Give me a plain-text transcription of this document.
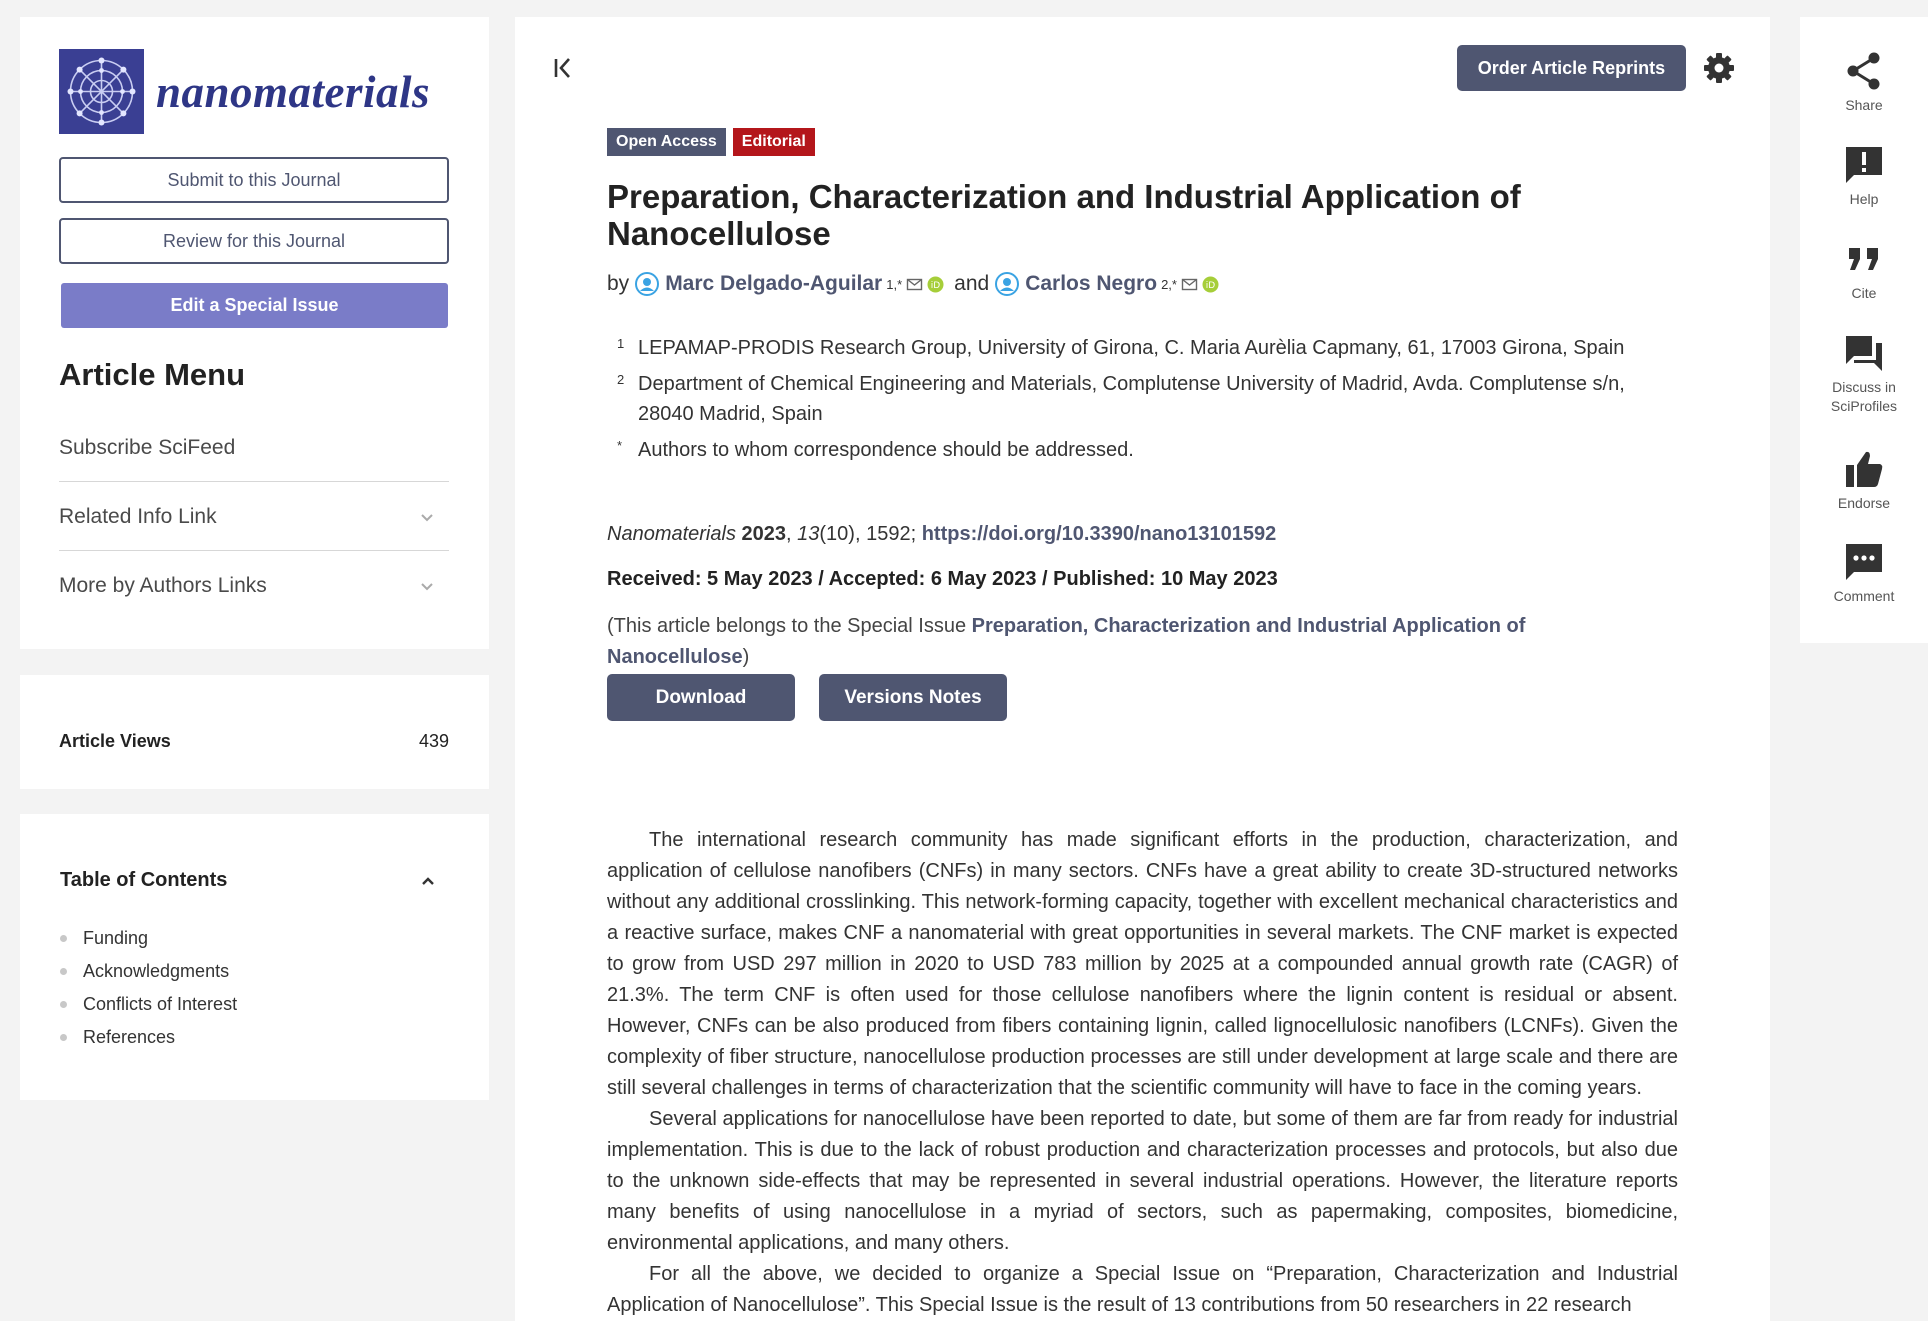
nanomaterials
Submit to this Journal
Review for this Journal
Edit a Special Issue
Article Menu
Subscribe SciFeed
Related Info Link
More by Authors Links
Article Views	439
Table of Contents
Funding
Acknowledgments
Conflicts of Interest
References
Order Article Reprints
Open Access	Editorial
Preparation, Characterization and Industrial Application of Nanocellulose
by Marc Delgado-Aguilar 1,*	iD and Carlos Negro 2,*	iD
1 LEPAMAP-PRODIS Research Group, University of Girona, C. Maria Aurèlia Capmany, 61, 17003 Girona, Spain
2 Department of Chemical Engineering and Materials, Complutense University of Madrid, Avda. Complutense s/n, 28040 Madrid, Spain
* Authors to whom correspondence should be addressed.
Nanomaterials 2023, 13(10), 1592; https://doi.org/10.3390/nano13101592
Received: 5 May 2023 / Accepted: 6 May 2023 / Published: 10 May 2023
(This article belongs to the Special Issue Preparation, Characterization and Industrial Application of Nanocellulose)
Download	Versions Notes

The international research community has made significant efforts in the production, characterization, and application of cellulose nanofibers (CNFs) in many sectors. CNFs have a great ability to create 3D-structured networks without any additional crosslinking. This network-forming capacity, together with excellent mechanical characteristics and a reactive surface, makes CNF a nanomaterial with great opportunities in several markets. The CNF market is expected to grow from USD 297 million in 2020 to USD 783 million by 2025 at a compounded annual growth rate (CAGR) of 21.3%. The term CNF is often used for those cellulose nanofibers where the lignin content is residual or absent. However, CNFs can be also produced from fibers containing lignin, called lignocellulosic nanofibers (LCNFs). Given the complexity of fiber structure, nanocellulose production processes are still under development at large scale and there are still several challenges in terms of characterization that the scientific community will have to face in the coming years.

Several applications for nanocellulose have been reported to date, but some of them are far from ready for industrial implementation. This is due to the lack of robust production and characterization processes and protocols, but also due to the unknown side-effects that may be represented in several industrial operations. However, the literature reports many benefits of using nanocellulose in a myriad of sectors, such as papermaking, composites, biomedicine, environmental applications, and many others.

For all the above, we decided to organize a Special Issue on “Preparation, Characterization and Industrial Application of Nanocellulose”. This Special Issue is the result of 13 contributions from 50 researchers in 22 research

Share
Help
Cite
Discuss in SciProfiles
Endorse
Comment
